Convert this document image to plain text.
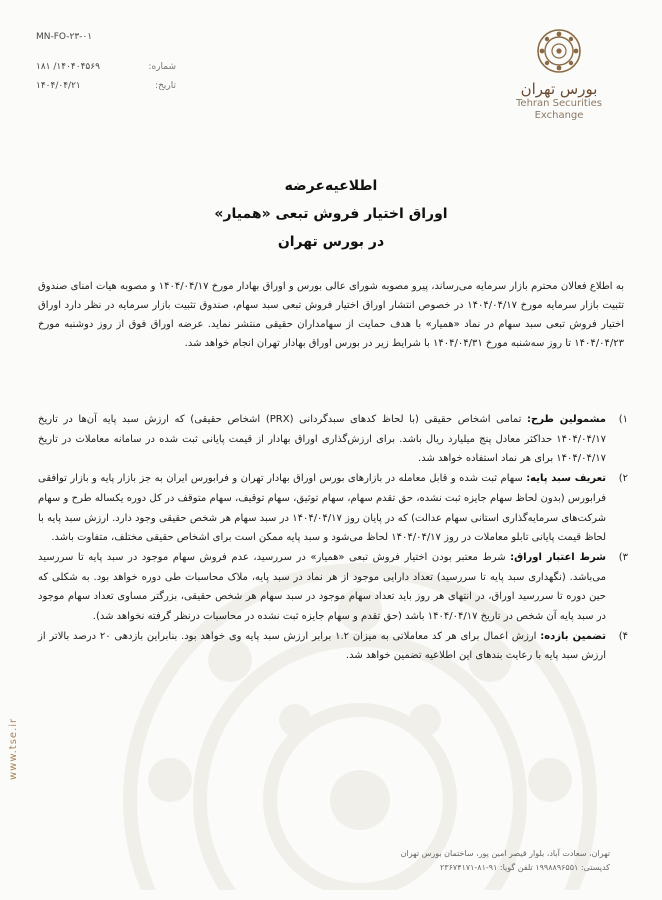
MN-FO-۲۳-۰۱
شماره:
۱۴۰۴۰۴۵۶۹/ ۱۸۱
تاریخ:
۱۴۰۴/۰۴/۲۱	بورس تهران
Tehran Securities
Exchange
اطلاعیه‌عرضه
اوراق اختیار فروش تبعی «همیار»
در بورس تهران
به اطلاع فعالان محترم بازار سرمایه می‌رساند، پیرو مصوبه شورای عالی بورس و اوراق بهادار مورخ ۱۴۰۴/۰۴/۱۷ و مصوبه هیات امنای صندوق تثبیت بازار سرمایه مورخ ۱۴۰۴/۰۴/۱۷ در خصوص انتشار اوراق اختیار فروش تبعی سبد سهام، صندوق تثبیت بازار سرمایه در نظر دارد اوراق اختیار فروش تبعی سبد سهام در نماد «همیار» با هدف حمایت از سهامداران حقیقی منتشر نماید. عرضه اوراق فوق از روز دوشنبه مورخ ۱۴۰۴/۰۴/۲۳ تا روز سه‌شنبه مورخ ۱۴۰۴/۰۴/۳۱ با شرایط زیر در بورس اوراق بهادار تهران انجام خواهد شد.
۱)
مشمولین طرح: تمامی اشخاص حقیقی (با لحاظ کدهای سبدگردانی (PRX) اشخاص حقیقی) که ارزش سبد پایه آن‌ها در تاریخ ۱۴۰۴/۰۴/۱۷ حداکثر معادل پنج میلیارد ریال باشد. برای ارزش‌گذاری اوراق بهادار از قیمت پایانی ثبت شده در سامانه معاملات در تاریخ ۱۴۰۴/۰۴/۱۷ برای هر نماد استفاده خواهد شد.
۲)
تعریف سبد پایه: سهام ثبت شده و قابل معامله در بازارهای بورس اوراق بهادار تهران و فرابورس ایران به جز بازار پایه و بازار توافقی فرابورس (بدون لحاظ سهام جایزه ثبت نشده، حق تقدم سهام، سهام توثیق، سهام توقیف، سهام متوقف در کل دوره یکساله طرح و سهام شرکت‌های سرمایه‌گذاری استانی سهام عدالت) که در پایان روز ۱۴۰۴/۰۴/۱۷ در سبد سهام هر شخص حقیقی وجود دارد. ارزش سبد پایه با لحاظ قیمت پایانی تابلو معاملات در روز ۱۴۰۴/۰۴/۱۷ لحاظ می‌شود و سبد پایه ممکن است برای اشخاص حقیقی مختلف، متفاوت باشد.
۳)
شرط اعتبار اوراق: شرط معتبر بودن اختیار فروش تبعی «همیار» در سررسید، عدم فروش سهام موجود در سبد پایه تا سررسید می‌باشد. (نگهداری سبد پایه تا سررسید) تعداد دارایی موجود از هر نماد در سبد پایه، ملاک محاسبات طی دوره خواهد بود. به شکلی که حین دوره تا سررسید اوراق، در انتهای هر روز باید تعداد سهام موجود در سبد سهام هر شخص حقیقی، بزرگتر مساوی تعداد سهام موجود در سبد پایه آن شخص در تاریخ ۱۴۰۴/۰۴/۱۷ باشد (حق تقدم و سهام جایزه ثبت نشده در محاسبات درنظر گرفته نخواهد شد).
۴)
تضمین بازده: ارزش اعمال برای هر کد معاملاتی به میزان ۱.۲ برابر ارزش سبد پایه وی خواهد بود. بنابراین بازدهی ۲۰ درصد بالاتر از ارزش سبد پایه با رعایت بندهای این اطلاعیه تضمین خواهد شد.
www.tse.ir
تهران، سعادت آباد، بلوار قیصر امین پور، ساختمان بورس تهران
کدپستی: ۱۹۹۸۸۹۶۵۵۱ تلفن گویا: ۹۱-۸۱-۲۳۶۷۴۱۷۱
